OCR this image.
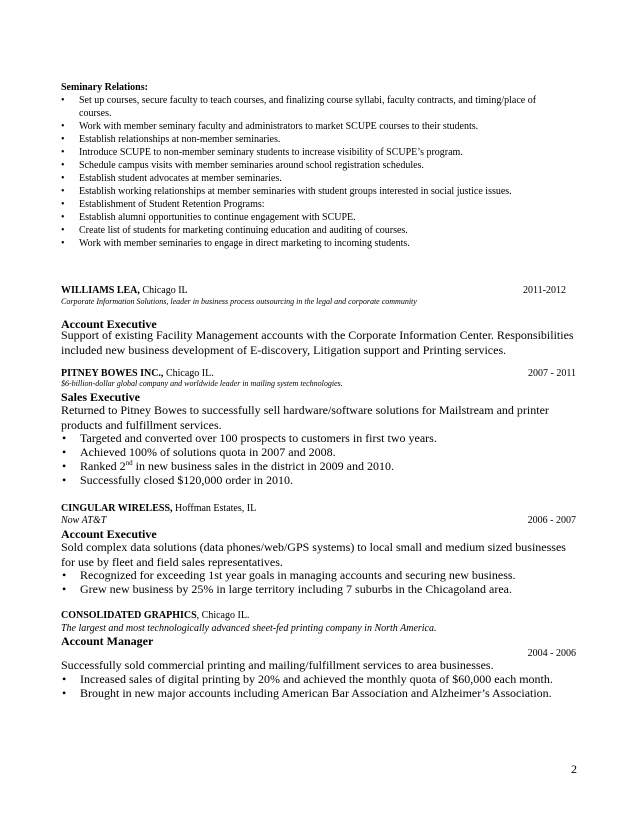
Seminary Relations:
• Set up courses, secure faculty to teach courses, and finalizing course syllabi, faculty contracts, and timing/place of courses.
• Work with member seminary faculty and administrators to market SCUPE courses to their students.
• Establish relationships at non-member seminaries.
• Introduce SCUPE to non-member seminary students to increase visibility of SCUPE’s program.
• Schedule campus visits with member seminaries around school registration schedules.
• Establish student advocates at member seminaries.
• Establish working relationships at member seminaries with student groups interested in social justice issues.
• Establishment of Student Retention Programs:
• Establish alumni opportunities to continue engagement with SCUPE.
• Create list of students for marketing continuing education and auditing of courses.
• Work with member seminaries to engage in direct marketing to incoming students.
WILLIAMS LEA, Chicago IL	2011-2012
Corporate Information Solutions, leader in business process outsourcing in the legal and corporate community
Account Executive
Support of existing Facility Management accounts with the Corporate Information Center. Responsibilities included new business development of E-discovery, Litigation support and Printing services.
PITNEY BOWES INC., Chicago IL.	2007 - 2011
$6-billion-dollar global company and worldwide leader in mailing system technologies.
Sales Executive
Returned to Pitney Bowes to successfully sell hardware/software solutions for Mailstream and printer products and fulfillment services.
• Targeted and converted over 100 prospects to customers in first two years.
• Achieved 100% of solutions quota in 2007 and 2008.
• Ranked 2nd in new business sales in the district in 2009 and 2010.
• Successfully closed $120,000 order in 2010.
CINGULAR WIRELESS, Hoffman Estates, IL
Now AT&T	2006 - 2007
Account Executive
Sold complex data solutions (data phones/web/GPS systems) to local small and medium sized businesses for use by fleet and field sales representatives.
• Recognized for exceeding 1st year goals in managing accounts and securing new business.
• Grew new business by 25% in large territory including 7 suburbs in the Chicagoland area.
CONSOLIDATED GRAPHICS, Chicago IL.
The largest and most technologically advanced sheet-fed printing company in North America.
Account Manager
2004 - 2006
Successfully sold commercial printing and mailing/fulfillment services to area businesses.
• Increased sales of digital printing by 20% and achieved the monthly quota of $60,000 each month.
• Brought in new major accounts including American Bar Association and Alzheimer’s Association.
2
